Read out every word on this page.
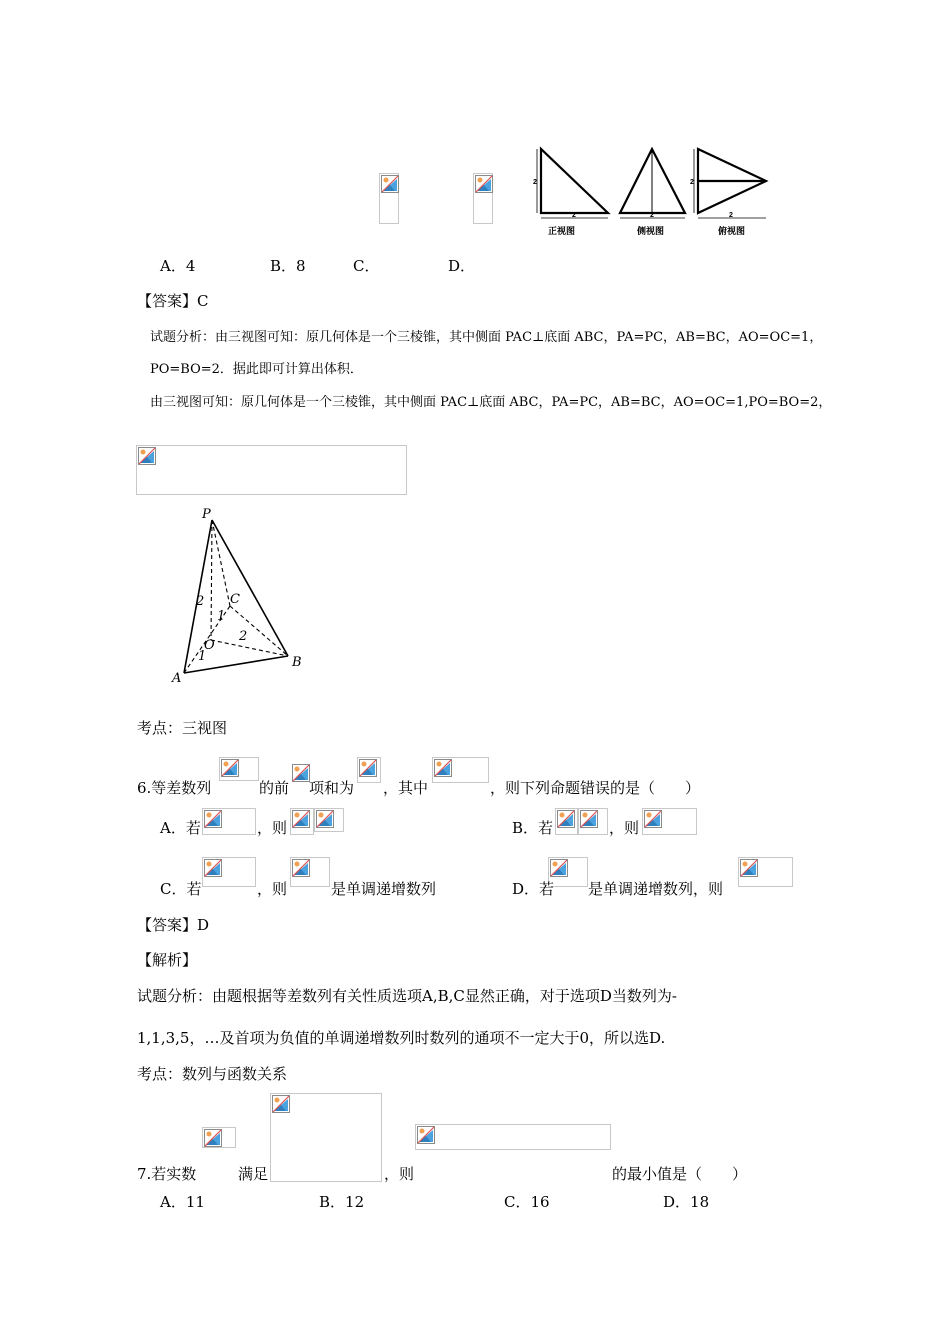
2
2	2
2
2
正视图	侧视图	俯视图
A．4	B．8	C．	D．
【答案】C
试题分析：由三视图可知：原几何体是一个三棱锥，其中侧面 PAC⊥底面 ABC，PA=PC，AB=BC，AO=OC=1，
PO=BO=2．据此即可计算出体积．
由三视图可知：原几何体是一个三棱锥，其中侧面 PAC⊥底面 ABC，PA=PC，AB=BC，AO=OC=1,PO=BO=2，
P
A
B
C
O
2
1
2
1
考点：三视图
6.等差数列	的前 项和为 ，其中	，则下列命题错误的是（　　）
A．若	，则	B．若	，则
C．若	，则	是单调递增数列	D．若 是单调递增数列，则
【答案】D
【解析】
试题分析：由题根据等差数列有关性质选项A,B,C显然正确，对于选项D当数列为-
1,1,3,5，…及首项为负值的单调递增数列时数列的通项不一定大于0，所以选D.
考点：数列与函数关系
7.若实数	满足	，则	的最小值是（　　）
A．11	B．12	C．16	D．18
